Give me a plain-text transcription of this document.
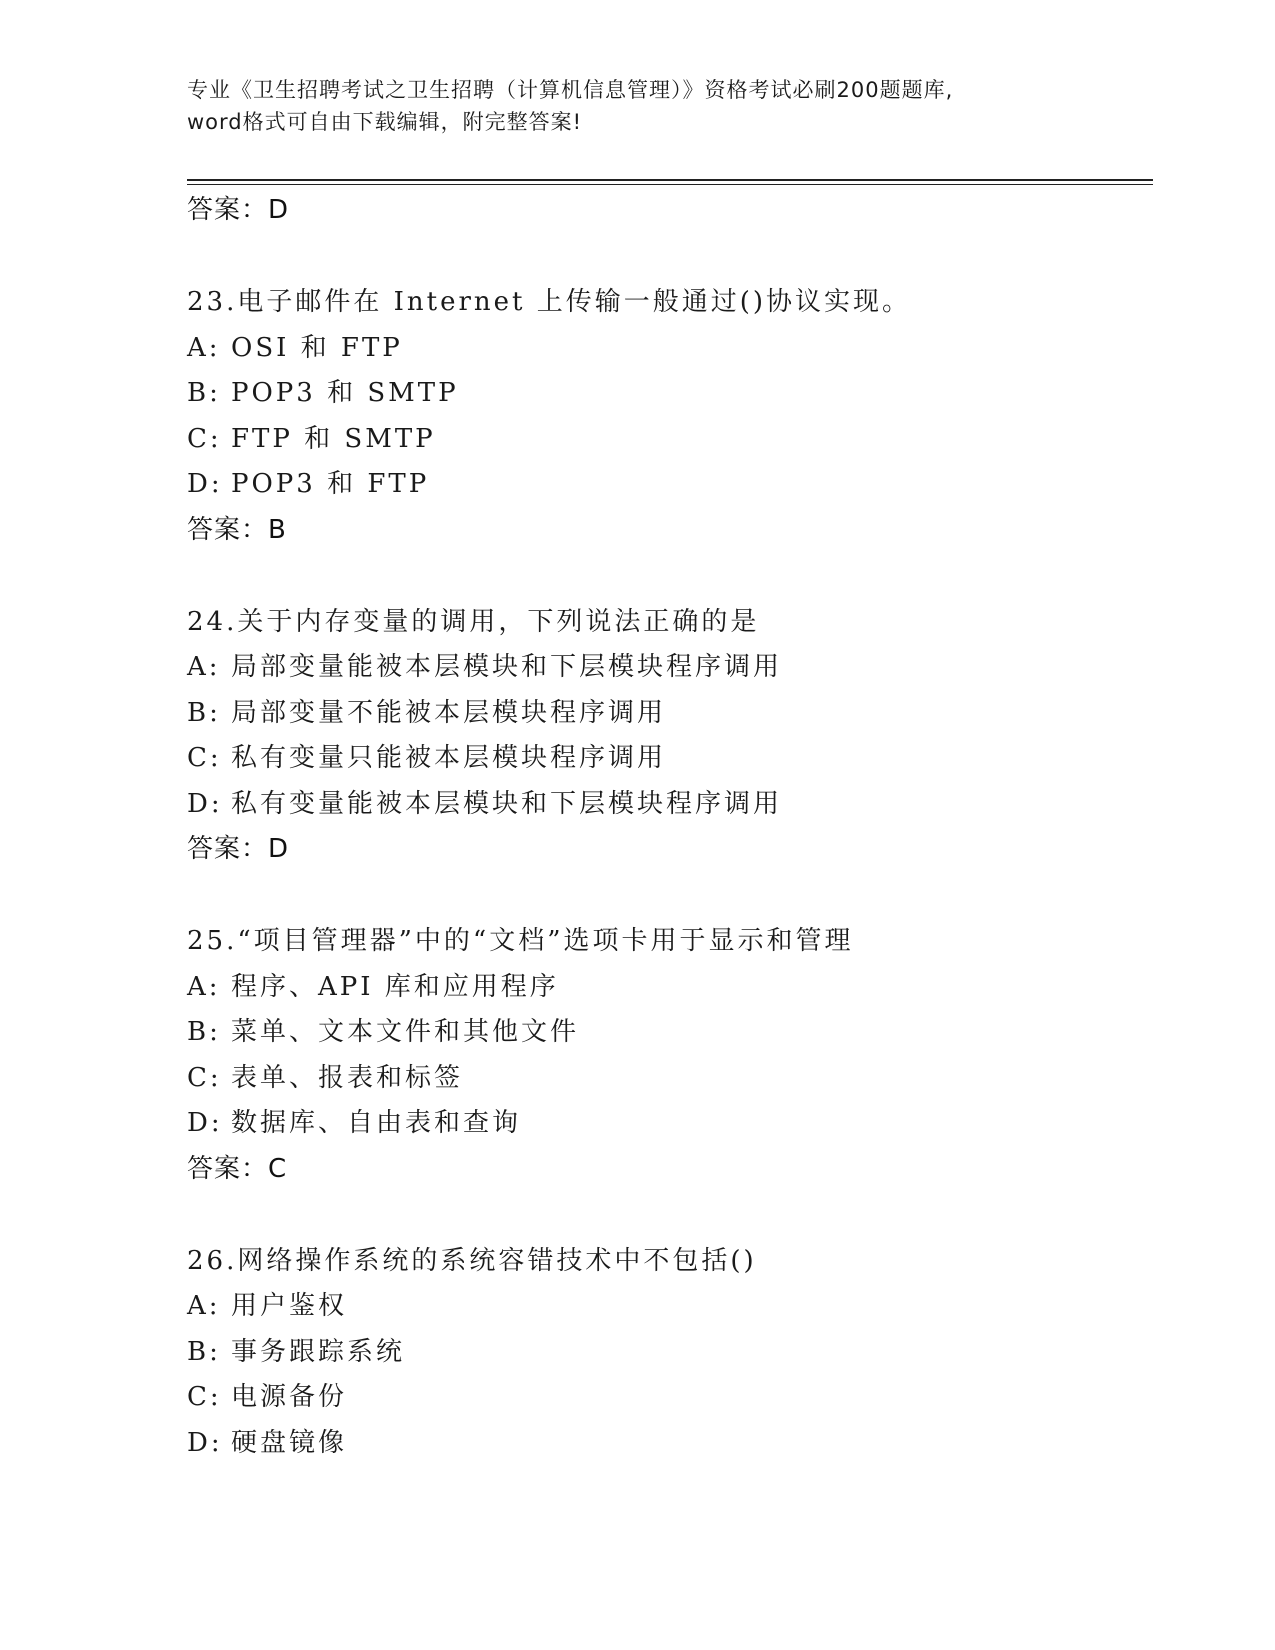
专业《卫生招聘考试之卫生招聘（计算机信息管理）》资格考试必刷200题题库,
word格式可自由下载编辑，附完整答案!
答案：D
23.电子邮件在 Internet 上传输一般通过()协议实现。
A: OSI 和 FTP
B: POP3 和 SMTP
C: FTP 和 SMTP
D: POP3 和 FTP
答案：B
24.关于内存变量的调用，下列说法正确的是
A: 局部变量能被本层模块和下层模块程序调用
B: 局部变量不能被本层模块程序调用
C: 私有变量只能被本层模块程序调用
D: 私有变量能被本层模块和下层模块程序调用
答案：D
25.“项目管理器”中的“文档”选项卡用于显示和管理
A: 程序、API 库和应用程序
B: 菜单、文本文件和其他文件
C: 表单、报表和标签
D: 数据库、自由表和查询
答案：C
26.网络操作系统的系统容错技术中不包括()
A: 用户鉴权
B: 事务跟踪系统
C: 电源备份
D: 硬盘镜像
